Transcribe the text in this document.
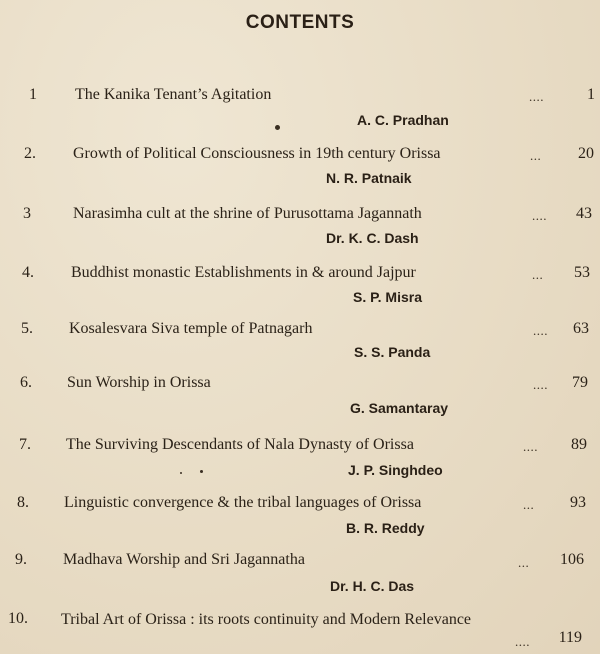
CONTENTS
1 The Kanika Tenant’s Agitation	....	1
A. C. Pradhan
2. Growth of Political Consciousness in 19th century Orissa	... 20
N. R. Patnaik
3	Narasimha cult at the shrine of Purusottama Jagannath	.... 43
Dr. K. C. Dash
4. Buddhist monastic Establishments in & around Jajpur	... 53
S. P. Misra
5. Kosalesvara Siva temple of Patnagarh	.... 63
S. S. Panda
6. Sun Worship in Orissa	.... 79
G. Samantaray
7. The Surviving Descendants of Nala Dynasty of Orissa	.... 89
J. P. Singhdeo
8. Linguistic convergence & the tribal languages of Orissa	... 93
B. R. Reddy
9. Madhava Worship and Sri Jagannatha	... 106
Dr. H. C. Das
10. Tribal Art of Orissa : its roots continuity and Modern Relevance
.... 119
